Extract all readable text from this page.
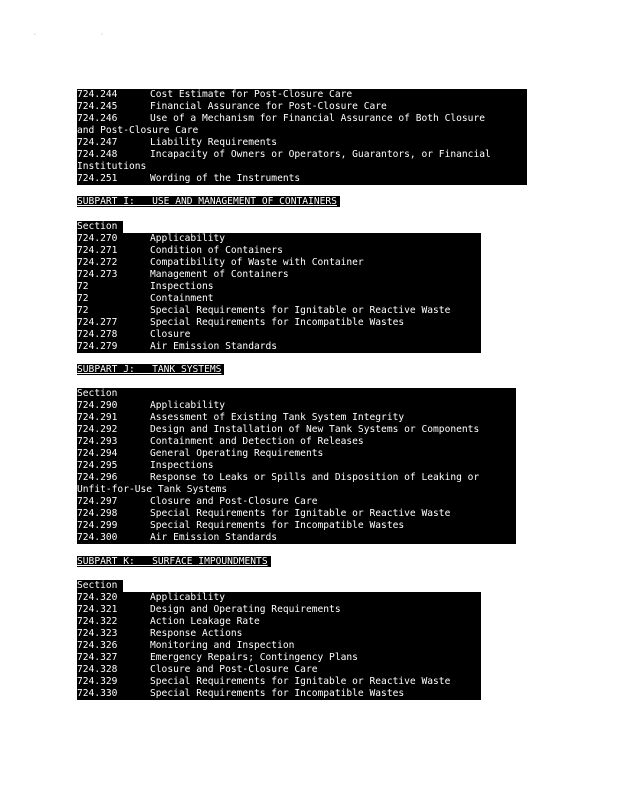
· ·
724.244	Cost Estimate for Post-Closure Care
724.245	Financial Assurance for Post-Closure Care
724.246	Use of a Mechanism for Financial Assurance of Both Closure
and Post-Closure Care
724.247	Liability Requirements
724.248	Incapacity of Owners or Operators, Guarantors, or Financial
Institutions
724.251	Wording of the Instruments
SUBPART I:   USE AND MANAGEMENT OF CONTAINERS
Section
724.270	Applicability
724.271	Condition of Containers
724.272	Compatibility of Waste with Container
724.273	Management of Containers
72	Inspections
72	Containment
72	Special Requirements for Ignitable or Reactive Waste
724.277	Special Requirements for Incompatible Wastes
724.278	Closure
724.279	Air Emission Standards
SUBPART J:   TANK SYSTEMS
Section
724.290	Applicability
724.291	Assessment of Existing Tank System Integrity
724.292	Design and Installation of New Tank Systems or Components
724.293	Containment and Detection of Releases
724.294	General Operating Requirements
724.295	Inspections
724.296	Response to Leaks or Spills and Disposition of Leaking or
Unfit-for-Use Tank Systems
724.297	Closure and Post-Closure Care
724.298	Special Requirements for Ignitable or Reactive Waste
724.299	Special Requirements for Incompatible Wastes
724.300	Air Emission Standards
SUBPART K:   SURFACE IMPOUNDMENTS
Section
724.320	Applicability
724.321	Design and Operating Requirements
724.322	Action Leakage Rate
724.323	Response Actions
724.326	Monitoring and Inspection
724.327	Emergency Repairs; Contingency Plans
724.328	Closure and Post-Closure Care
724.329	Special Requirements for Ignitable or Reactive Waste
724.330	Special Requirements for Incompatible Wastes
